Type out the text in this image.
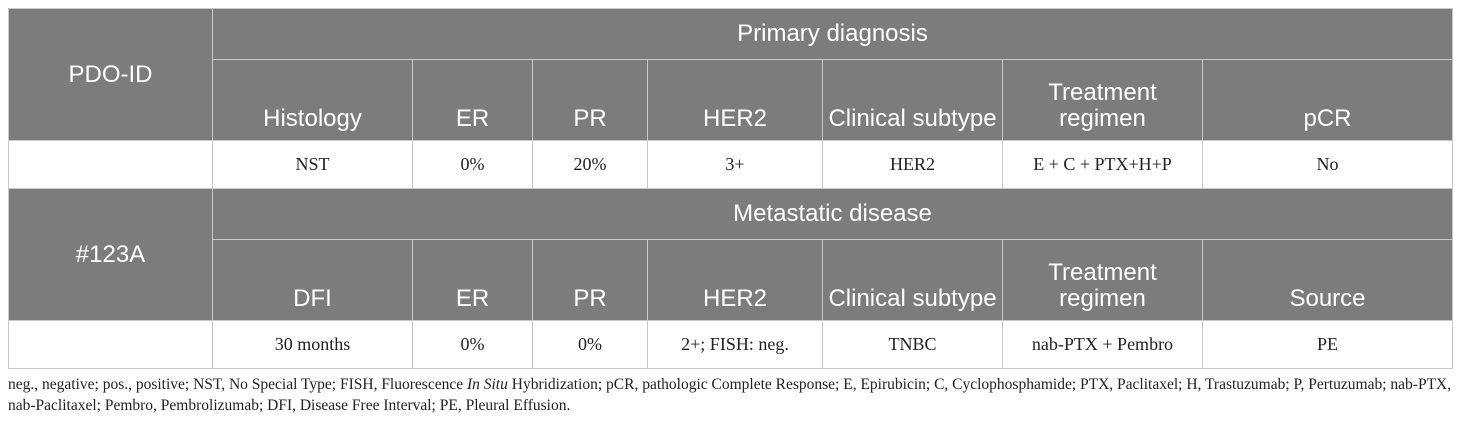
PDO-ID	Primary diagnosis						
	Histology	ER	PR	HER2	Clinical subtype	Treatment regimen	pCR
	NST	0%	20%	3+	HER2	E + C + PTX+H+P	No
#123A	Metastatic disease						
	DFI	ER	PR	HER2	Clinical subtype	Treatment regimen	Source
	30 months	0%	0%	2+; FISH: neg.	TNBC	nab-PTX + Pembro	PE
neg., negative; pos., positive; NST, No Special Type; FISH, Fluorescence In Situ Hybridization; pCR, pathologic Complete Response; E, Epirubicin; C, Cyclophosphamide; PTX, Paclitaxel; H, Trastuzumab; P, Pertuzumab; nab-PTX, nab-Paclitaxel; Pembro, Pembrolizumab; DFI, Disease Free Interval; PE, Pleural Effusion.
